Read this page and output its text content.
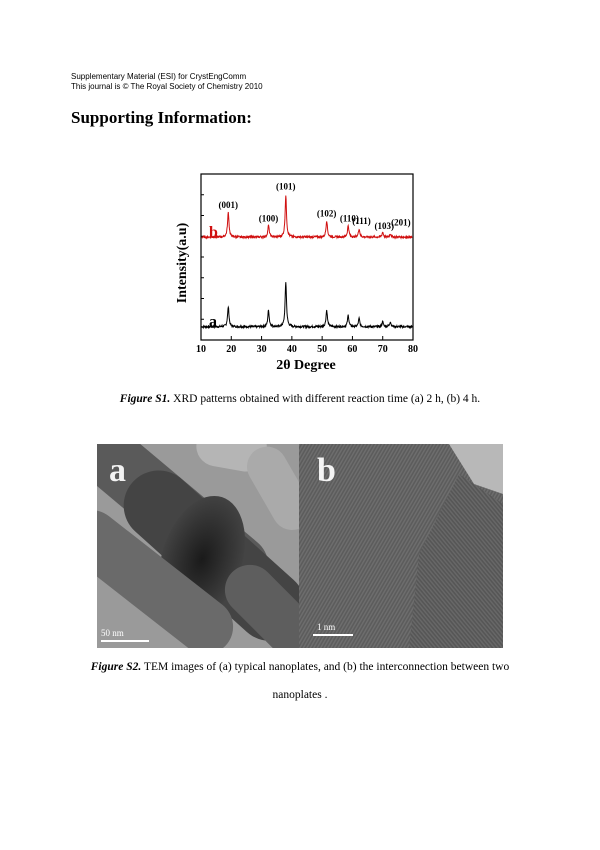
Supplementary Material (ESI) for CrystEngComm
This journal is © The Royal Society of Chemistry 2010
Supporting Information:
10 20 30 40 50 60 70 80
a
b
(001)
(100)
(101)
(102) (110)
(111) (103)
(201)
Intensity(a.u)
2θ Degree
Figure S1. XRD patterns obtained with different reaction time (a) 2 h, (b) 4 h.
a
50 nm
b
1 nm
Figure S2. TEM images of (a) typical nanoplates, and (b) the interconnection between two
nanoplates .
